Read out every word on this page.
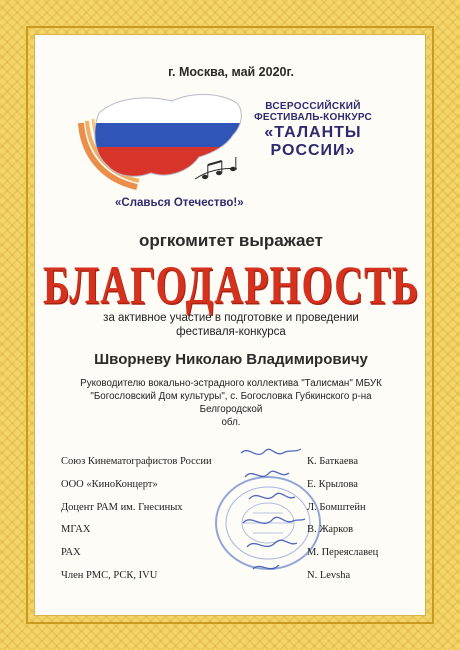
г. Москва, май 2020г.
ВСЕРОССИЙСКИЙ
ФЕСТИВАЛЬ-КОНКУРС
«ТАЛАНТЫ
РОССИИ»
«Славься Отечество!»
оргкомитет выражает
БЛАГОДАРНОСТЬ
за активное участие в подготовке и проведении
фестиваля-конкурса
Шворневу Николаю Владимировичу
Руководителю вокально-эстрадного коллектива "Талисман" МБУК
"Богословский Дом культуры", с. Богословка Губкинского р-на Белгородской
обл.
Союз Кинематографистов России
ООО «КиноКонцерт»
Доцент РАМ им. Гнесиных
МГАХ
РАХ
Член РМС, РСК, IVU
К. Баткаева
Е. Крылова
Л. Бомштейн
В. Жарков
М. Переяславец
N. Levsha
